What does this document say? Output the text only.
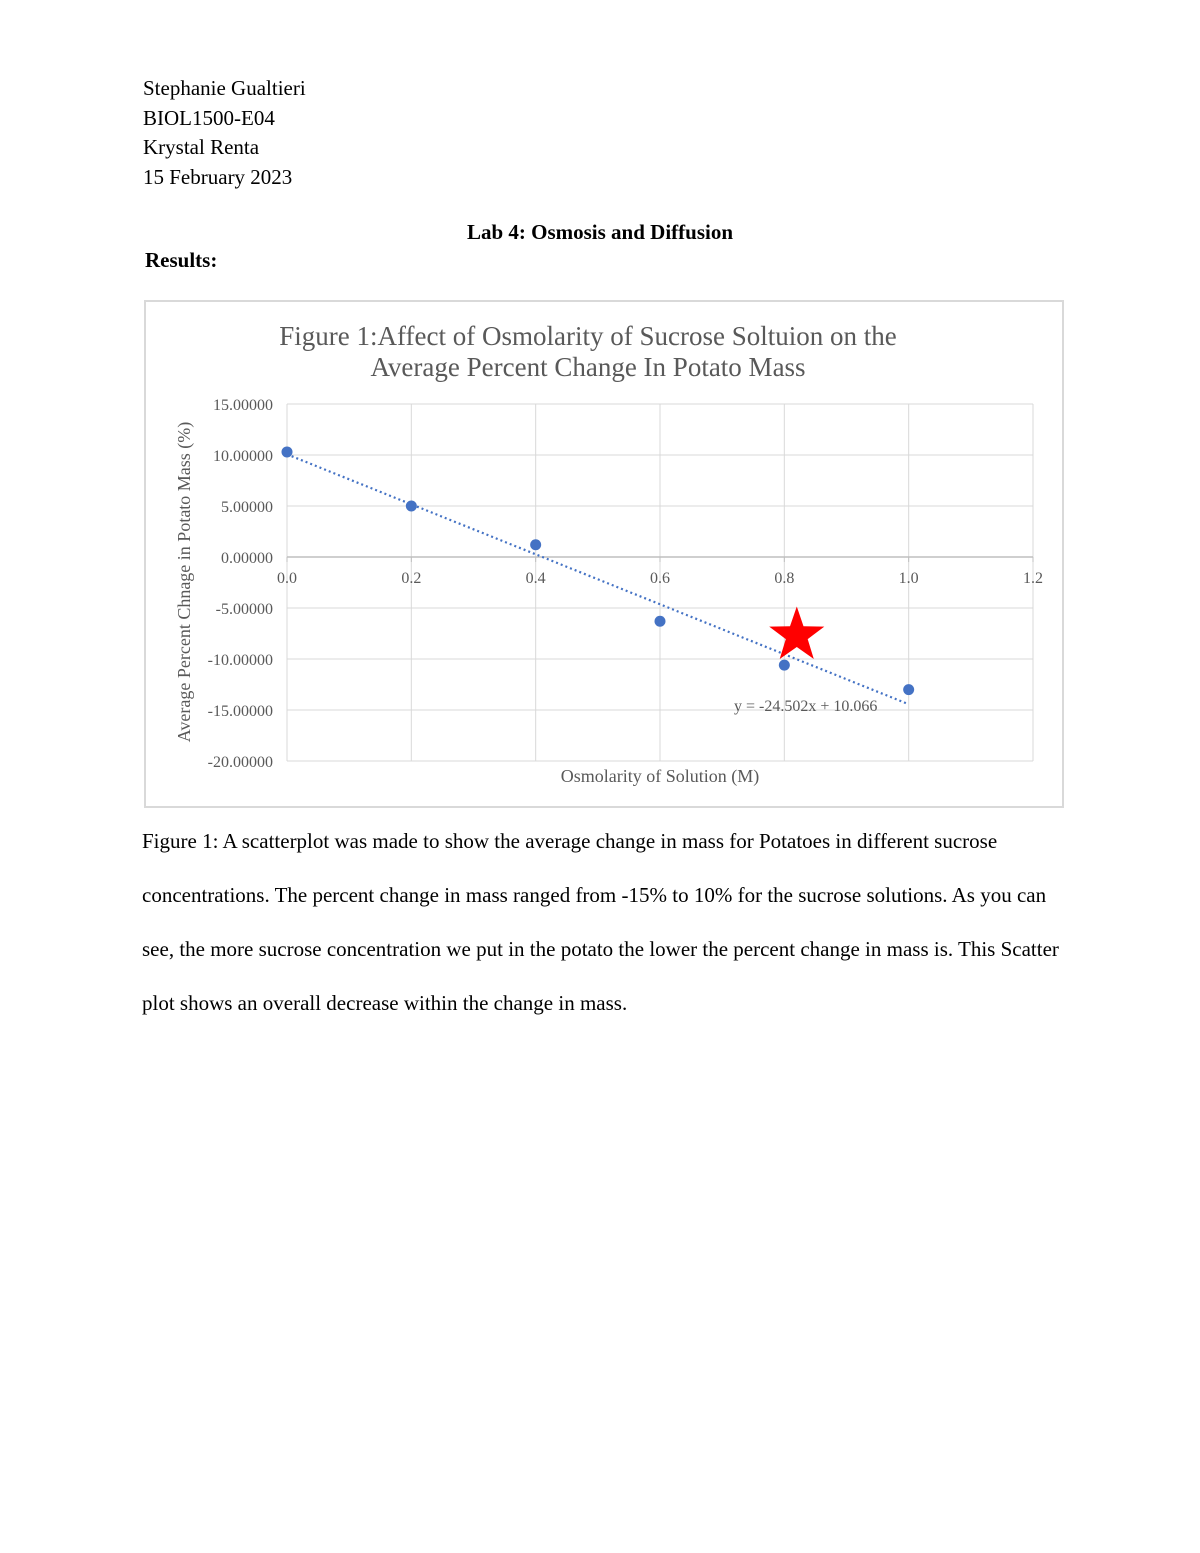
Stephanie Gualtieri
BIOL1500-E04
Krystal Renta
15 February 2023
Lab 4: Osmosis and Diffusion
Results:
15.00000
10.00000
5.00000
0.00000
-5.00000
-10.00000
-15.00000
-20.00000
0.0	0.2	0.4	0.6	0.8	1.0	1.2
Figure 1:Affect of Osmolarity of Sucrose Soltuion on the
Average Percent Change In Potato Mass
Osmolarity of Solution (M)
Average Percent Chnage in Potato Mass (%)	y = -24.502x + 10.066
Figure 1: A scatterplot was made to show the average change in mass for Potatoes in different sucrose concentrations. The percent change in mass ranged from -15% to 10% for the sucrose solutions. As you can see, the more sucrose concentration we put in the potato the lower the percent change in mass is. This Scatter plot shows an overall decrease within the change in mass.
